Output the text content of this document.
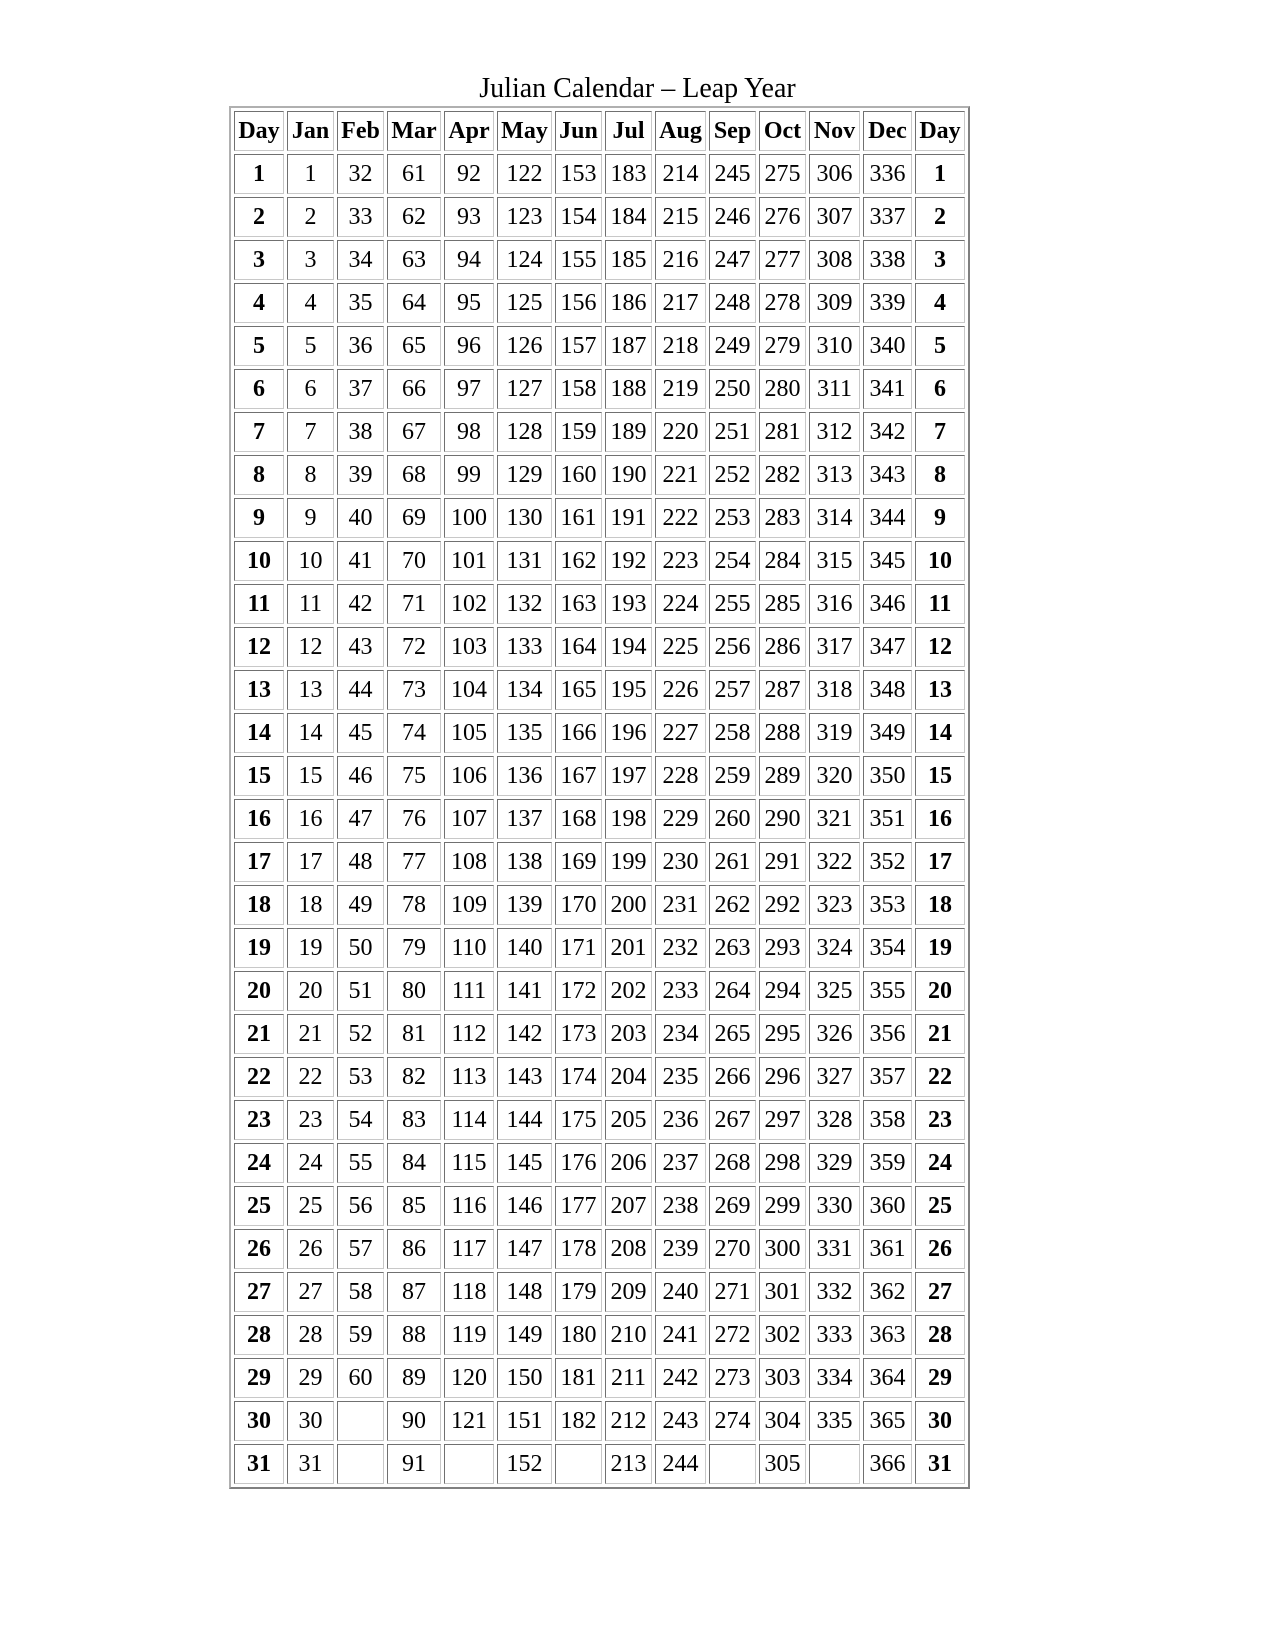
Julian Calendar – Leap Year
Day	Jan	Feb	Mar	Apr	May	Jun	Jul	Aug	Sep	Oct	Nov	Dec	Day
1	1	32	61	92	122	153	183	214	245	275	306	336	1
2	2	33	62	93	123	154	184	215	246	276	307	337	2
3	3	34	63	94	124	155	185	216	247	277	308	338	3
4	4	35	64	95	125	156	186	217	248	278	309	339	4
5	5	36	65	96	126	157	187	218	249	279	310	340	5
6	6	37	66	97	127	158	188	219	250	280	311	341	6
7	7	38	67	98	128	159	189	220	251	281	312	342	7
8	8	39	68	99	129	160	190	221	252	282	313	343	8
9	9	40	69	100	130	161	191	222	253	283	314	344	9
10	10	41	70	101	131	162	192	223	254	284	315	345	10
11	11	42	71	102	132	163	193	224	255	285	316	346	11
12	12	43	72	103	133	164	194	225	256	286	317	347	12
13	13	44	73	104	134	165	195	226	257	287	318	348	13
14	14	45	74	105	135	166	196	227	258	288	319	349	14
15	15	46	75	106	136	167	197	228	259	289	320	350	15
16	16	47	76	107	137	168	198	229	260	290	321	351	16
17	17	48	77	108	138	169	199	230	261	291	322	352	17
18	18	49	78	109	139	170	200	231	262	292	323	353	18
19	19	50	79	110	140	171	201	232	263	293	324	354	19
20	20	51	80	111	141	172	202	233	264	294	325	355	20
21	21	52	81	112	142	173	203	234	265	295	326	356	21
22	22	53	82	113	143	174	204	235	266	296	327	357	22
23	23	54	83	114	144	175	205	236	267	297	328	358	23
24	24	55	84	115	145	176	206	237	268	298	329	359	24
25	25	56	85	116	146	177	207	238	269	299	330	360	25
26	26	57	86	117	147	178	208	239	270	300	331	361	26
27	27	58	87	118	148	179	209	240	271	301	332	362	27
28	28	59	88	119	149	180	210	241	272	302	333	363	28
29	29	60	89	120	150	181	211	242	273	303	334	364	29
30	30		90	121	151	182	212	243	274	304	335	365	30
31	31		91		152		213	244		305		366	31
